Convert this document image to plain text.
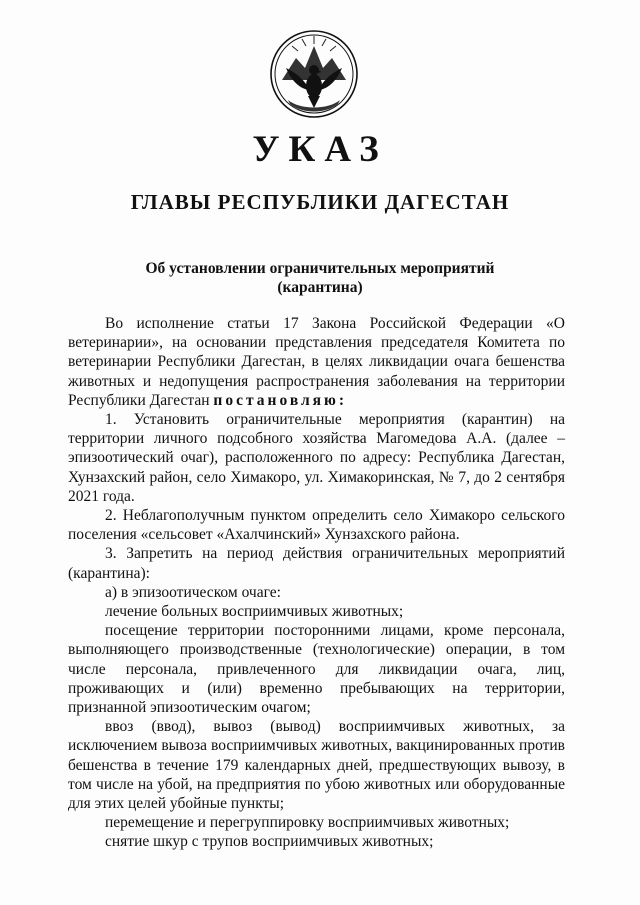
УКАЗ
ГЛАВЫ РЕСПУБЛИКИ ДАГЕСТАН
Об установлении ограничительных мероприятий
(карантина)

Во исполнение статьи 17 Закона Российской Федерации «О ветеринарии», на основании представления председателя Комитета по ветеринарии Республики Дагестан, в целях ликвидации очага бешенства животных и недопущения распространения заболевания на территории Республики Дагестан постановляю:

1. Установить ограничительные мероприятия (карантин) на территории личного подсобного хозяйства Магомедова А.А. (далее – эпизоотический очаг), расположенного по адресу: Республика Дагестан, Хунзахский район, село Химакоро, ул. Химакоринская, № 7, до 2 сентября 2021 года.

2. Неблагополучным пунктом определить село Химакоро сельского поселения «сельсовет «Ахалчинский» Хунзахского района.

3. Запретить на период действия ограничительных мероприятий (карантина):

а) в эпизоотическом очаге:

лечение больных восприимчивых животных;

посещение территории посторонними лицами, кроме персонала, выполняющего производственные (технологические) операции, в том числе персонала, привлеченного для ликвидации очага, лиц, проживающих и (или) временно пребывающих на территории, признанной эпизоотическим очагом;

ввоз (ввод), вывоз (вывод) восприимчивых животных, за исключением вывоза восприимчивых животных, вакцинированных против бешенства в течение 179 календарных дней, предшествующих вывозу, в том числе на убой, на предприятия по убою животных или оборудованные для этих целей убойные пункты;

перемещение и перегруппировку восприимчивых животных;

снятие шкур с трупов восприимчивых животных;
